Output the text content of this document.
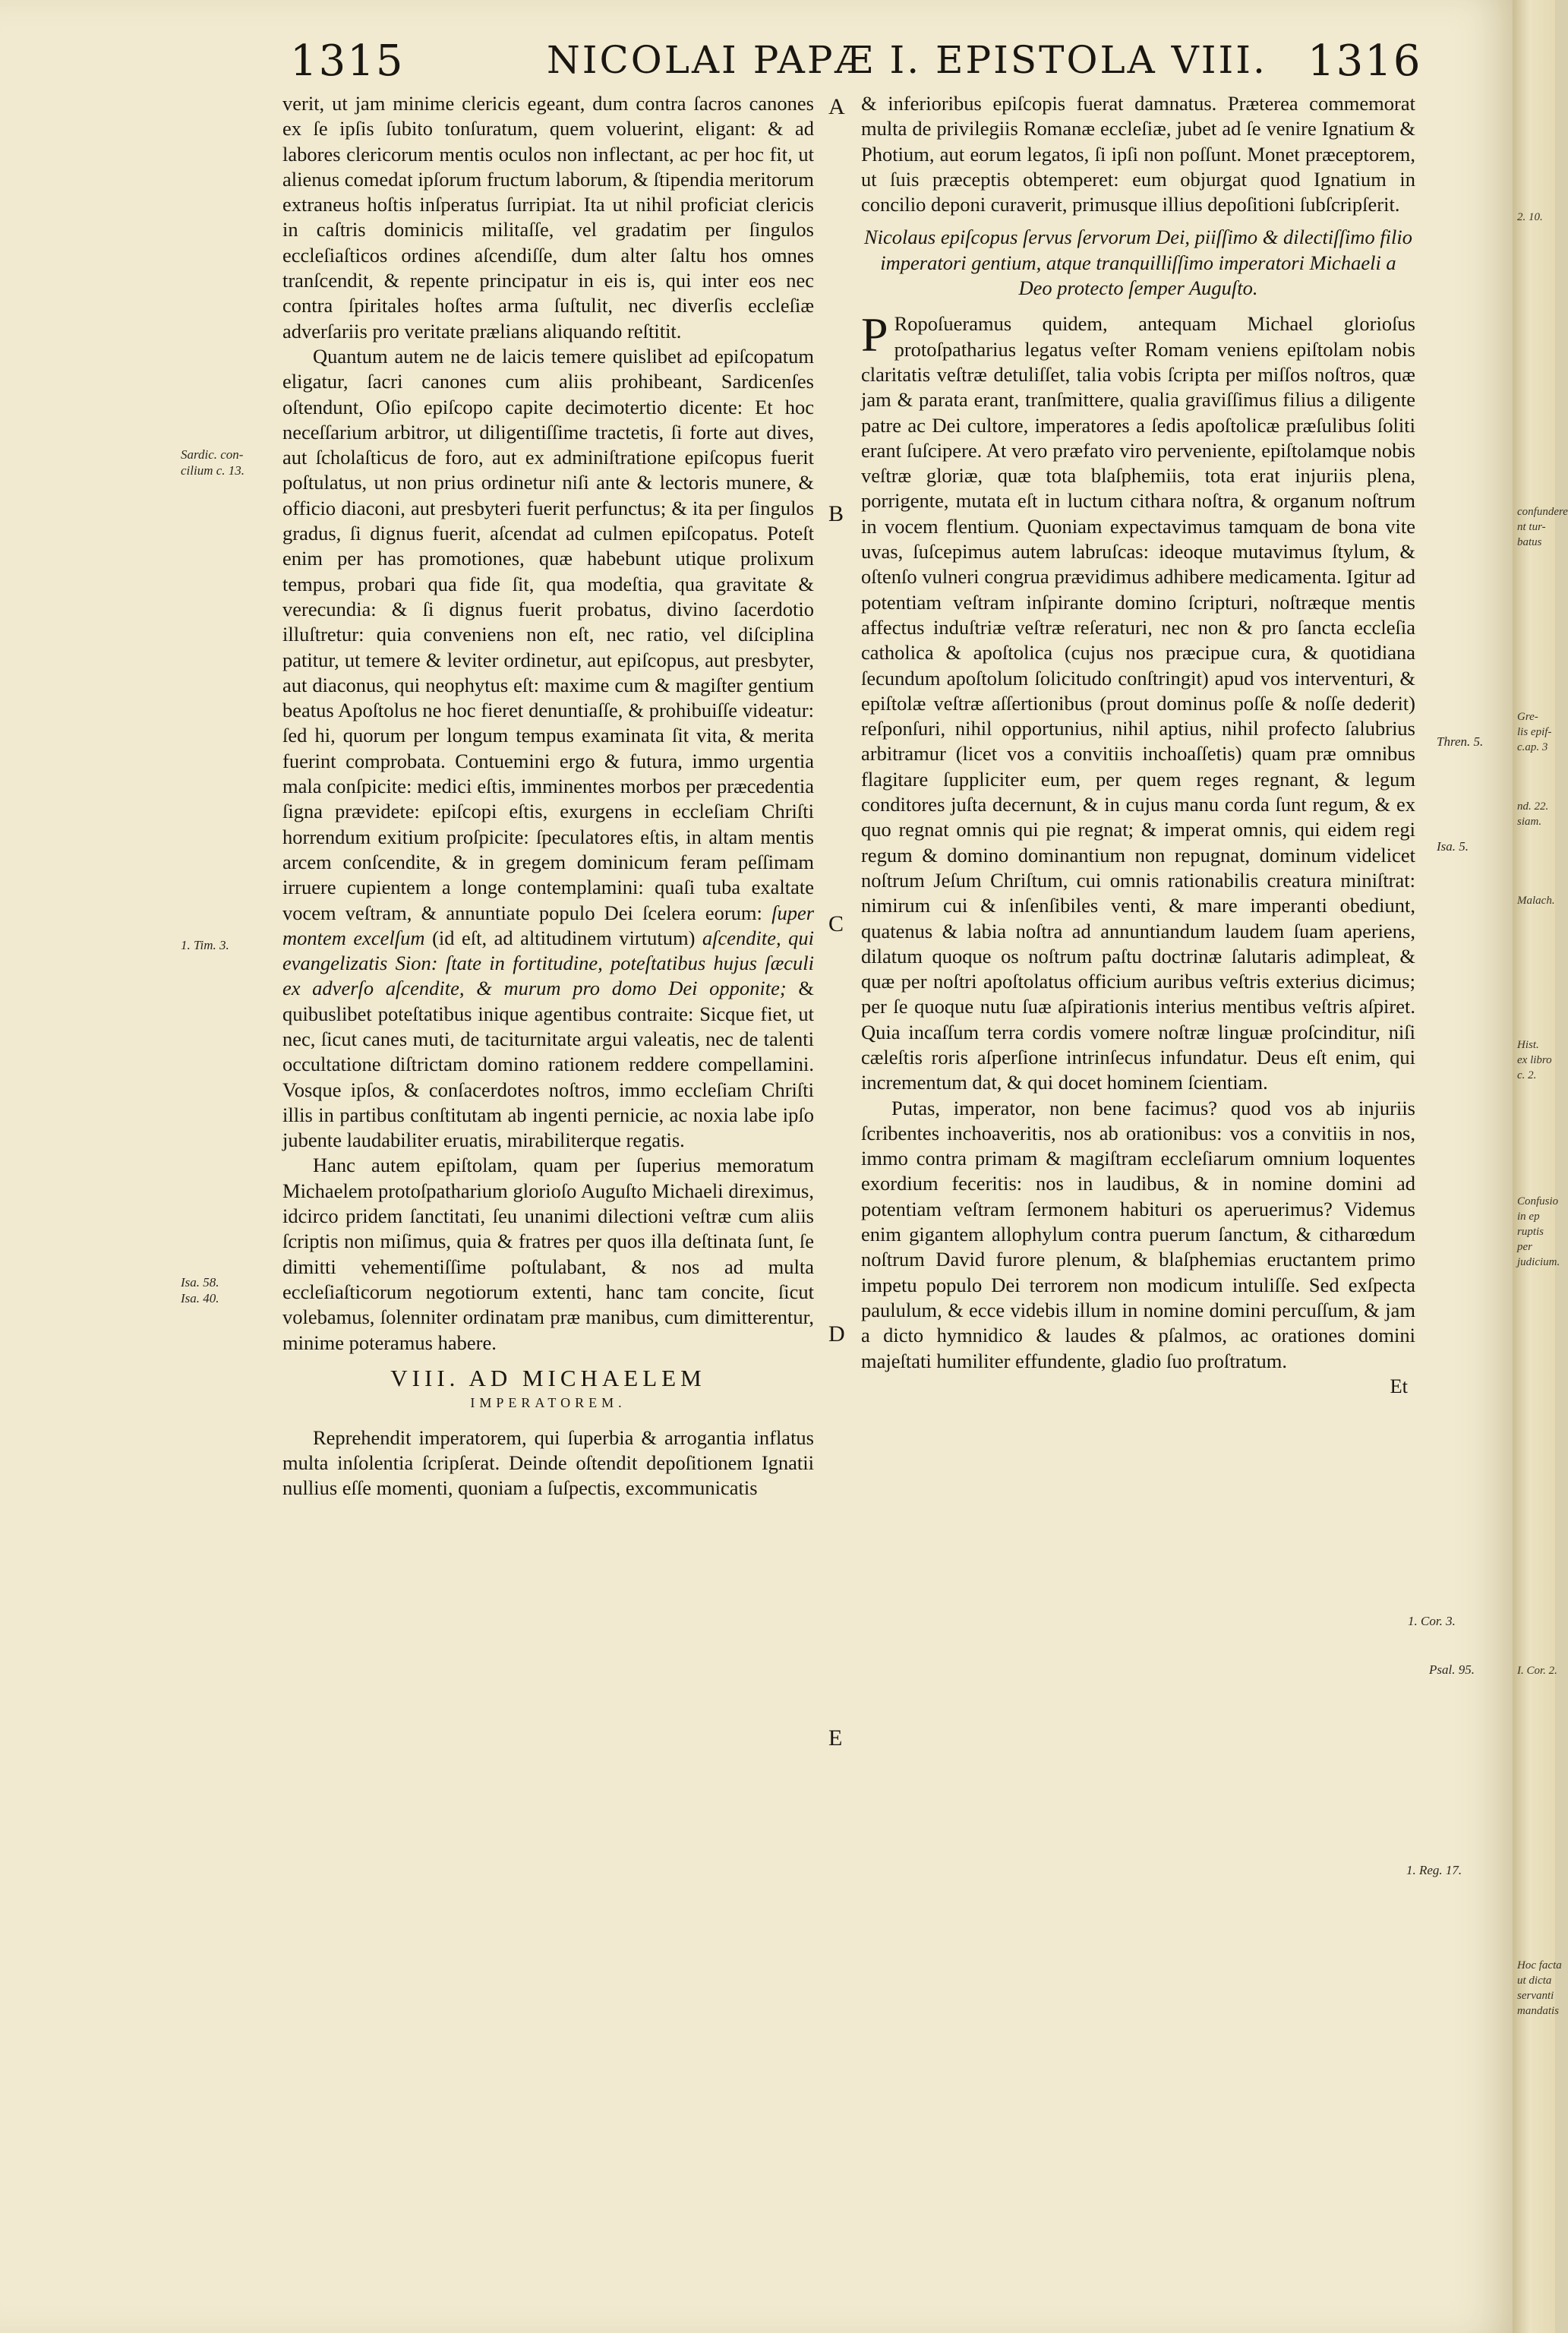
1315	NICOLAI PAPÆ I. EPISTOLA VIII. 1316
A
B
C
D
E
Sardic. con-
cilium c. 13.
1. Tim. 3.
Isa. 58.
Isa. 40.
Thren. 5.
Isa. 5.
1. Cor. 3.
Psal. 95.
1. Reg. 17.

verit, ut jam minime clericis egeant, dum contra ſacros canones ex ſe ipſis ſubito tonſuratum, quem voluerint, eligant: & ad labores clericorum mentis oculos non inflectant, ac per hoc fit, ut alienus comedat ipſorum fructum laborum, & ſtipendia meritorum extraneus hoſtis inſperatus ſurripiat. Ita ut nihil proficiat clericis in caſtris dominicis militaſſe, vel gradatim per ſingulos eccleſiaſticos ordines aſcendiſſe, dum alter ſaltu hos omnes tranſcendit, & repente principatur in eis is, qui inter eos nec contra ſpiritales hoſtes arma ſuſtulit, nec diverſis eccleſiæ adverſariis pro veritate prælians aliquando reſtitit.

Quantum autem ne de laicis temere quislibet ad epiſcopatum eligatur, ſacri canones cum aliis prohibeant, Sardicenſes oſtendunt, Oſio epiſcopo capite decimotertio dicente: Et hoc neceſſarium arbitror, ut diligentiſſime tractetis, ſi forte aut dives, aut ſcholaſticus de foro, aut ex adminiſtratione epiſcopus fuerit poſtulatus, ut non prius ordinetur niſi ante & lectoris munere, & officio diaconi, aut presbyteri fuerit perfunctus; & ita per ſingulos gradus, ſi dignus fuerit, aſcendat ad culmen epiſcopatus. Poteſt enim per has promotiones, quæ habebunt utique prolixum tempus, probari qua fide ſit, qua modeſtia, qua gravitate & verecundia: & ſi dignus fuerit probatus, divino ſacerdotio illuſtretur: quia conveniens non eſt, nec ratio, vel diſciplina patitur, ut temere & leviter ordinetur, aut epiſcopus, aut presbyter, aut diaconus, qui neophytus eſt: maxime cum & magiſter gentium beatus Apoſtolus ne hoc fieret denuntiaſſe, & prohibuiſſe videatur: ſed hi, quorum per longum tempus examinata ſit vita, & merita fuerint comprobata. Contuemini ergo & futura, immo urgentia mala conſpicite: medici eſtis, imminentes morbos per præcedentia ſigna prævidete: epiſcopi eſtis, exurgens in eccleſiam Chriſti horrendum exitium proſpicite: ſpeculatores eſtis, in altam mentis arcem conſcendite, & in gregem dominicum feram peſſimam irruere cupientem a longe contemplamini: quaſi tuba exaltate vocem veſtram, & annuntiate populo Dei ſcelera eorum: ſuper montem excelſum (id eſt, ad altitudinem virtutum) aſcendite, qui evangelizatis Sion: ſtate in fortitudine, poteſtatibus hujus ſæculi ex adverſo aſcendite, & murum pro domo Dei opponite; & quibuslibet poteſtatibus inique agentibus contraite: Sicque fiet, ut nec, ſicut canes muti, de taciturnitate argui valeatis, nec de talenti occultatione diſtrictam domino rationem reddere compellamini. Vosque ipſos, & conſacerdotes noſtros, immo eccleſiam Chriſti illis in partibus conſtitutam ab ingenti pernicie, ac noxia labe ipſo jubente laudabiliter eruatis, mirabiliterque regatis.

Hanc autem epiſtolam, quam per ſuperius memoratum Michaelem protoſpatharium glorioſo Auguſto Michaeli direximus, idcirco pridem ſanctitati, ſeu unanimi dilectioni veſtræ cum aliis ſcriptis non miſimus, quia & fratres per quos illa deſtinata ſunt, ſe dimitti vehementiſſime poſtulabant, & nos ad multa eccleſiaſticorum negotiorum extenti, hanc tam concite, ſicut volebamus, ſolenniter ordinatam præ manibus, cum dimitterentur, minime poteramus habere.

VIII. AD MICHAELEM
IMPERATOREM.

Reprehendit imperatorem, qui ſuperbia & arrogantia inflatus multa inſolentia ſcripſerat. Deinde oſtendit depoſitionem Ignatii nullius eſſe momenti, quoniam a ſuſpectis, excommunicatis

& inferioribus epiſcopis fuerat damnatus. Præterea commemorat multa de privilegiis Romanæ eccleſiæ, jubet ad ſe venire Ignatium & Photium, aut eorum legatos, ſi ipſi non poſſunt. Monet præceptorem, ut ſuis præceptis obtemperet: eum objurgat quod Ignatium in concilio deponi curaverit, primusque illius depoſitioni ſubſcripſerit.

Nicolaus epiſcopus ſervus ſervorum Dei, piiſſimo & dilectiſſimo filio imperatori gentium, atque tranquilliſſimo imperatori Michaeli a Deo protecto ſemper Auguſto.

P Ropoſueramus quidem, antequam Michael glorioſus protoſpatharius legatus veſter Romam veniens epiſtolam nobis claritatis veſtræ detuliſſet, talia vobis ſcripta per miſſos noſtros, quæ jam & parata erant, tranſmittere, qualia graviſſimus filius a diligente patre ac Dei cultore, imperatores a ſedis apoſtolicæ præſulibus ſoliti erant ſuſcipere. At vero præfato viro perveniente, epiſtolamque nobis veſtræ gloriæ, quæ tota blaſphemiis, tota erat injuriis plena, porrigente, mutata eſt in luctum cithara noſtra, & organum noſtrum in vocem flentium. Quoniam expectavimus tamquam de bona vite uvas, ſuſcepimus autem labruſcas: ideoque mutavimus ſtylum, & oſtenſo vulneri congrua prævidimus adhibere medicamenta. Igitur ad potentiam veſtram inſpirante domino ſcripturi, noſtræque mentis affectus induſtriæ veſtræ reſeraturi, nec non & pro ſancta eccleſia catholica & apoſtolica (cujus nos præcipue cura, & quotidiana ſecundum apoſtolum ſolicitudo conſtringit) apud vos interventuri, & epiſtolæ veſtræ aſſertionibus (prout dominus poſſe & noſſe dederit) reſponſuri, nihil opportunius, nihil aptius, nihil profecto ſalubrius arbitramur (licet vos a convitiis inchoaſſetis) quam præ omnibus flagitare ſuppliciter eum, per quem reges regnant, & legum conditores juſta decernunt, & in cujus manu corda ſunt regum, & ex quo regnat omnis qui pie regnat; & imperat omnis, qui eidem regi regum & domino dominantium non repugnat, dominum videlicet noſtrum Jeſum Chriſtum, cui omnis rationabilis creatura miniſtrat: nimirum cui & inſenſibiles venti, & mare imperanti obediunt, quatenus & labia noſtra ad annuntiandum laudem ſuam aperiens, dilatum quoque os noſtrum paſtu doctrinæ ſalutaris adimpleat, & quæ per noſtri apoſtolatus officium auribus veſtris exterius dicimus; per ſe quoque nutu ſuæ aſpirationis interius mentibus veſtris aſpiret. Quia incaſſum terra cordis vomere noſtræ linguæ proſcinditur, niſi cæleſtis roris aſperſione intrinſecus infundatur. Deus eſt enim, qui incrementum dat, & qui docet hominem ſcientiam.

Putas, imperator, non bene facimus? quod vos ab injuriis ſcribentes inchoaveritis, nos ab orationibus: vos a convitiis in nos, immo contra primam & magiſtram eccleſiarum omnium loquentes exordium feceritis: nos in laudibus, & in nomine domini ad potentiam veſtram ſermonem habituri os aperuerimus? Videmus enim gigantem allophylum contra puerum ſanctum, & citharœdum noſtrum David furore plenum, & blaſphemias eructantem primo impetu populo Dei terrorem non modicum intuliſſe. Sed exſpecta paululum, & ecce videbis illum in nomine domini percuſſum, & jam a dicto hymnidico & laudes & pſalmos, ac orationes domini majeſtati humiliter effundente, gladio ſuo proſtratum.

Et

2. 10.
confundere
nt tur-
batus
Gre-
lis epif-
c.ap. 3
nd. 22.
siam.
Malach.
Hist.
ex libro
c. 2.
Confusio
in ep
ruptis
per
judicium.
I. Cor. 2.
Hoc facta
ut dicta
servanti
mandatis
